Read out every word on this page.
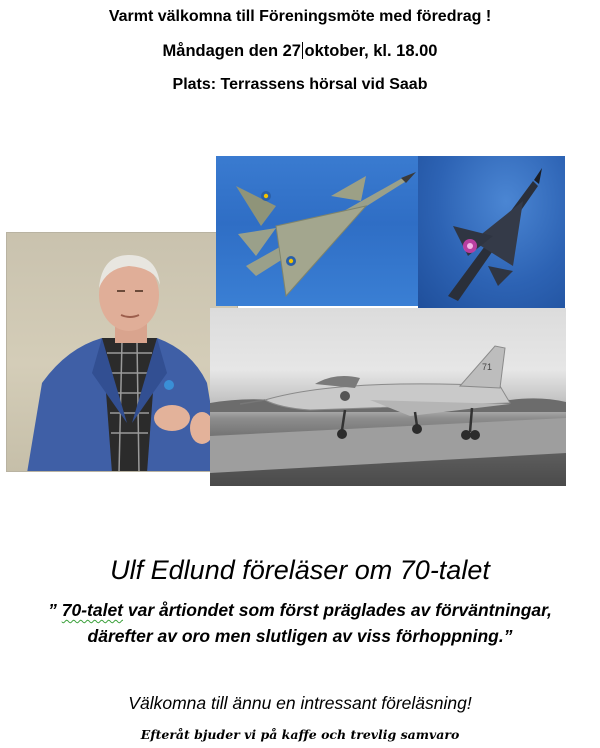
Varmt välkomna till Föreningsmöte med föredrag !
Måndagen den 27 oktober, kl. 18.00
Plats: Terrassens hörsal vid Saab
71
Ulf Edlund föreläser om 70-talet
” 70-talet var årtiondet som först präglades av förväntningar,
därefter av oro men slutligen av viss förhoppning.”
Välkomna till ännu en intressant föreläsning!
Efteråt bjuder vi på kaffe och trevlig samvaro
